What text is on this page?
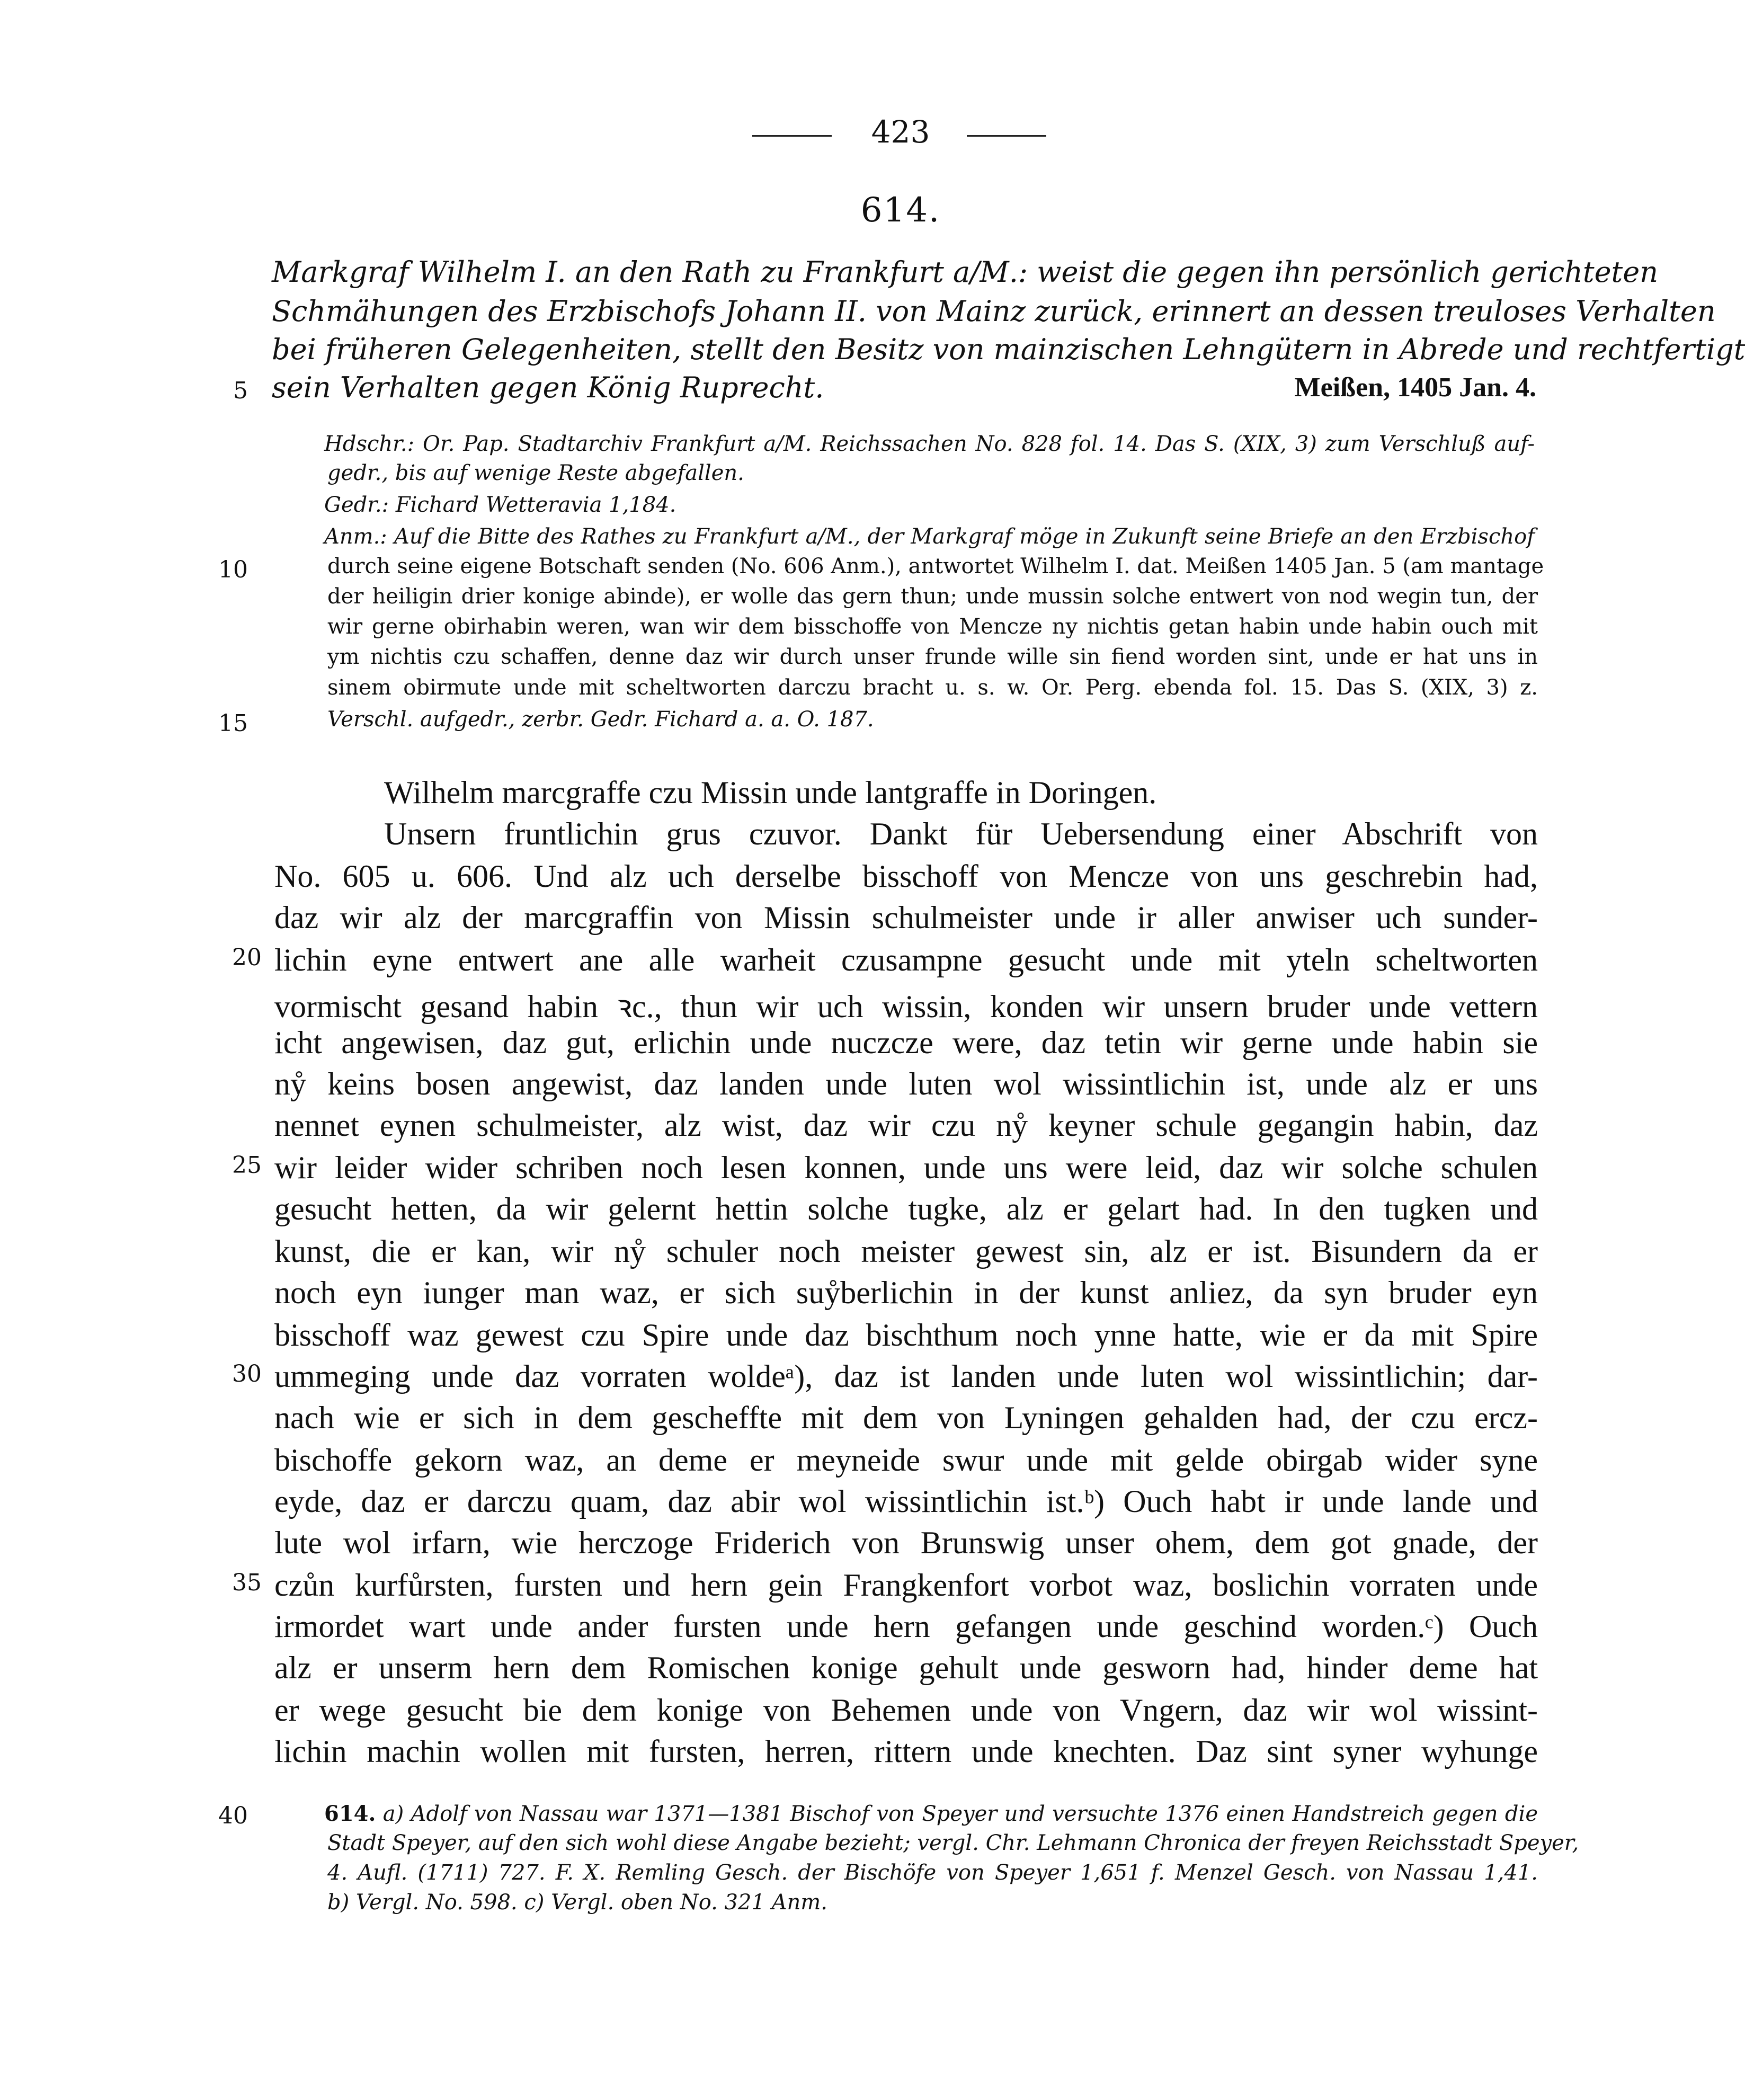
423
614.
Markgraf Wilhelm I. an den Rath zu Frankfurt a/M.: weist die gegen ihn persönlich gerichteten
Schmähungen des Erzbischofs Johann II. von Mainz zurück, erinnert an dessen treuloses Verhalten
bei früheren Gelegenheiten, stellt den Besitz von mainzischen Lehngütern in Abrede und rechtfertigt
sein Verhalten gegen König Ruprecht.	Meißen, 1405 Jan. 4.
Hdschr.: Or. Pap. Stadtarchiv Frankfurt a/M. Reichssachen No. 828 fol. 14. Das S. (XIX, 3) zum Verschluß auf-
gedr., bis auf wenige Reste abgefallen.
Gedr.: Fichard Wetteravia 1,184.
Anm.: Auf die Bitte des Rathes zu Frankfurt a/M., der Markgraf möge in Zukunft seine Briefe an den Erzbischof
durch seine eigene Botschaft senden (No. 606 Anm.), antwortet Wilhelm I. dat. Meißen 1405 Jan. 5 (am mantage
der heiligin drier konige abinde), er wolle das gern thun; unde mussin solche entwert von nod wegin tun, der
wir gerne obirhabin weren, wan wir dem bisschoffe von Mencze ny nichtis getan habin unde habin ouch mit
ym nichtis czu schaffen, denne daz wir durch unser frunde wille sin fiend worden sint, unde er hat uns in
sinem obirmute unde mit scheltworten darczu bracht u. s. w. Or. Perg. ebenda fol. 15. Das S. (XIX, 3) z.
Verschl. aufgedr., zerbr. Gedr. Fichard a. a. O. 187.
Wilhelm marcgraffe czu Missin unde lantgraffe in Doringen.
Unsern fruntlichin grus czuvor. Dankt für Uebersendung einer Abschrift von
No. 605 u. 606. Und alz uch derselbe bisschoff von Mencze von uns geschrebin had,
daz wir alz der marcgraffin von Missin schulmeister unde ir aller anwiser uch sunder-
lichin eyne entwert ane alle warheit czusampne gesucht unde mit yteln scheltworten
vormischt gesand habin ꝛc., thun wir uch wissin, konden wir unsern bruder unde vettern
icht angewisen, daz gut, erlichin unde nuczcze were, daz tetin wir gerne unde habin sie
nẙ keins bosen angewist, daz landen unde luten wol wissintlichin ist, unde alz er uns
nennet eynen schulmeister, alz wist, daz wir czu nẙ keyner schule gegangin habin, daz
wir leider wider schriben noch lesen konnen, unde uns were leid, daz wir solche schulen
gesucht hetten, da wir gelernt hettin solche tugke, alz er gelart had. In den tugken und
kunst, die er kan, wir nẙ schuler noch meister gewest sin, alz er ist. Bisundern da er
noch eyn iunger man waz, er sich suẙberlichin in der kunst anliez, da syn bruder eyn
bisschoff waz gewest czu Spire unde daz bischthum noch ynne hatte, wie er da mit Spire
ummeging unde daz vorraten woldeᵃ), daz ist landen unde luten wol wissintlichin; dar-
nach wie er sich in dem gescheffte mit dem von Lyningen gehalden had, der czu ercz-
bischoffe gekorn waz, an deme er meyneide swur unde mit gelde obirgab wider syne
eyde, daz er darczu quam, daz abir wol wissintlichin ist.ᵇ) Ouch habt ir unde lande und
lute wol irfarn, wie herczoge Friderich von Brunswig unser ohem, dem got gnade, der
czůn kurfůrsten, fursten und hern gein Frangkenfort vorbot waz, boslichin vorraten unde
irmordet wart unde ander fursten unde hern gefangen unde geschind worden.ᶜ) Ouch
alz er unserm hern dem Romischen konige gehult unde gesworn had, hinder deme hat
er wege gesucht bie dem konige von Behemen unde von Vngern, daz wir wol wissint-
lichin machin wollen mit fursten, herren, rittern unde knechten. Daz sint syner wyhunge
614. a) Adolf von Nassau war 1371—1381 Bischof von Speyer und versuchte 1376 einen Handstreich gegen die
Stadt Speyer, auf den sich wohl diese Angabe bezieht; vergl. Chr. Lehmann Chronica der freyen Reichsstadt Speyer,
4. Aufl. (1711) 727. F. X. Remling Gesch. der Bischöfe von Speyer 1,651 f. Menzel Gesch. von Nassau 1,41.
b) Vergl. No. 598. c) Vergl. oben No. 321 Anm.
5
10
15
20
25
30
35
40
